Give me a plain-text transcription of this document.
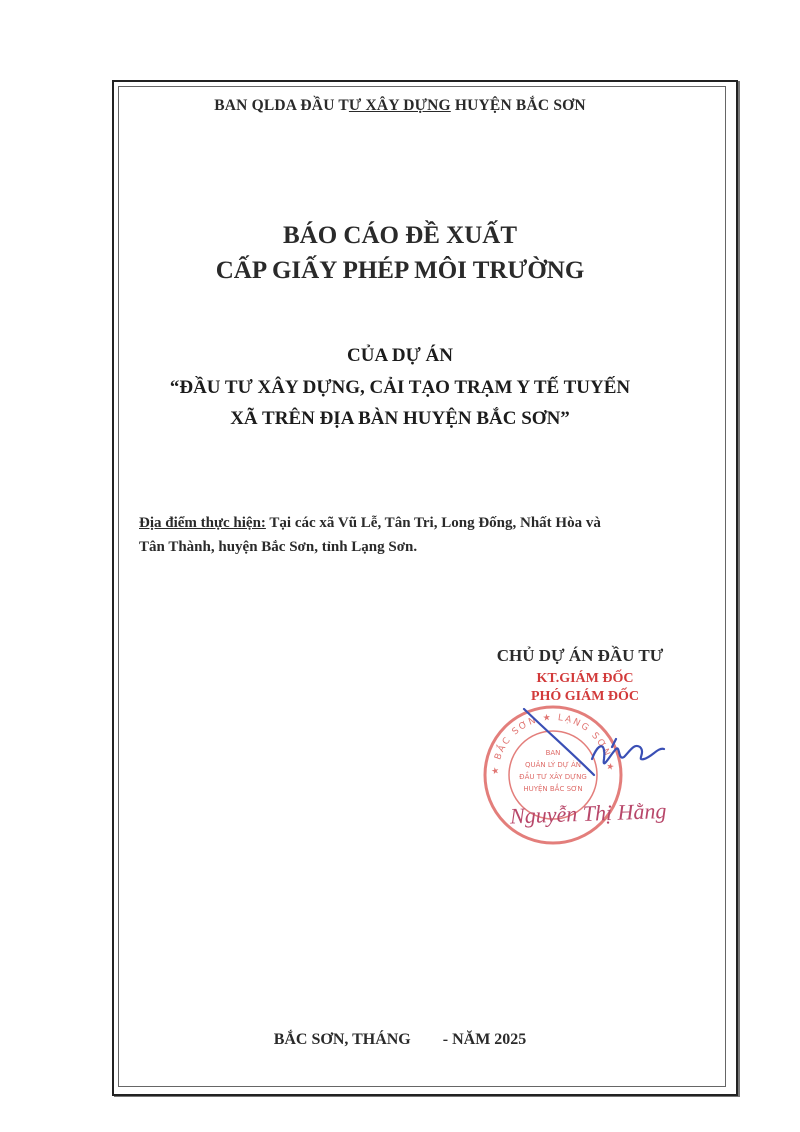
BAN QLDA ĐẦU TƯ XÂY DỰNG HUYỆN BẮC SƠN
BÁO CÁO ĐỀ XUẤT
CẤP GIẤY PHÉP MÔI TRƯỜNG
CỦA DỰ ÁN
“ĐẦU TƯ XÂY DỰNG, CẢI TẠO TRẠM Y TẾ TUYẾN
XÃ TRÊN ĐỊA BÀN HUYỆN BẮC SƠN”
Địa điểm thực hiện: Tại các xã Vũ Lễ, Tân Tri, Long Đống, Nhất Hòa và
Tân Thành, huyện Bắc Sơn, tỉnh Lạng Sơn.
CHỦ DỰ ÁN ĐẦU TƯ
KT.GIÁM ĐỐC
PHÓ GIÁM ĐỐC
★ BẮC SƠN ★ LẠNG SƠN ★
BAN
QUẢN LÝ DỰ ÁN
ĐẦU TƯ XÂY DỰNG
HUYỆN BẮC SƠN
Nguyễn Thị Hằng
BẮC SƠN, THÁNG - NĂM 2025
